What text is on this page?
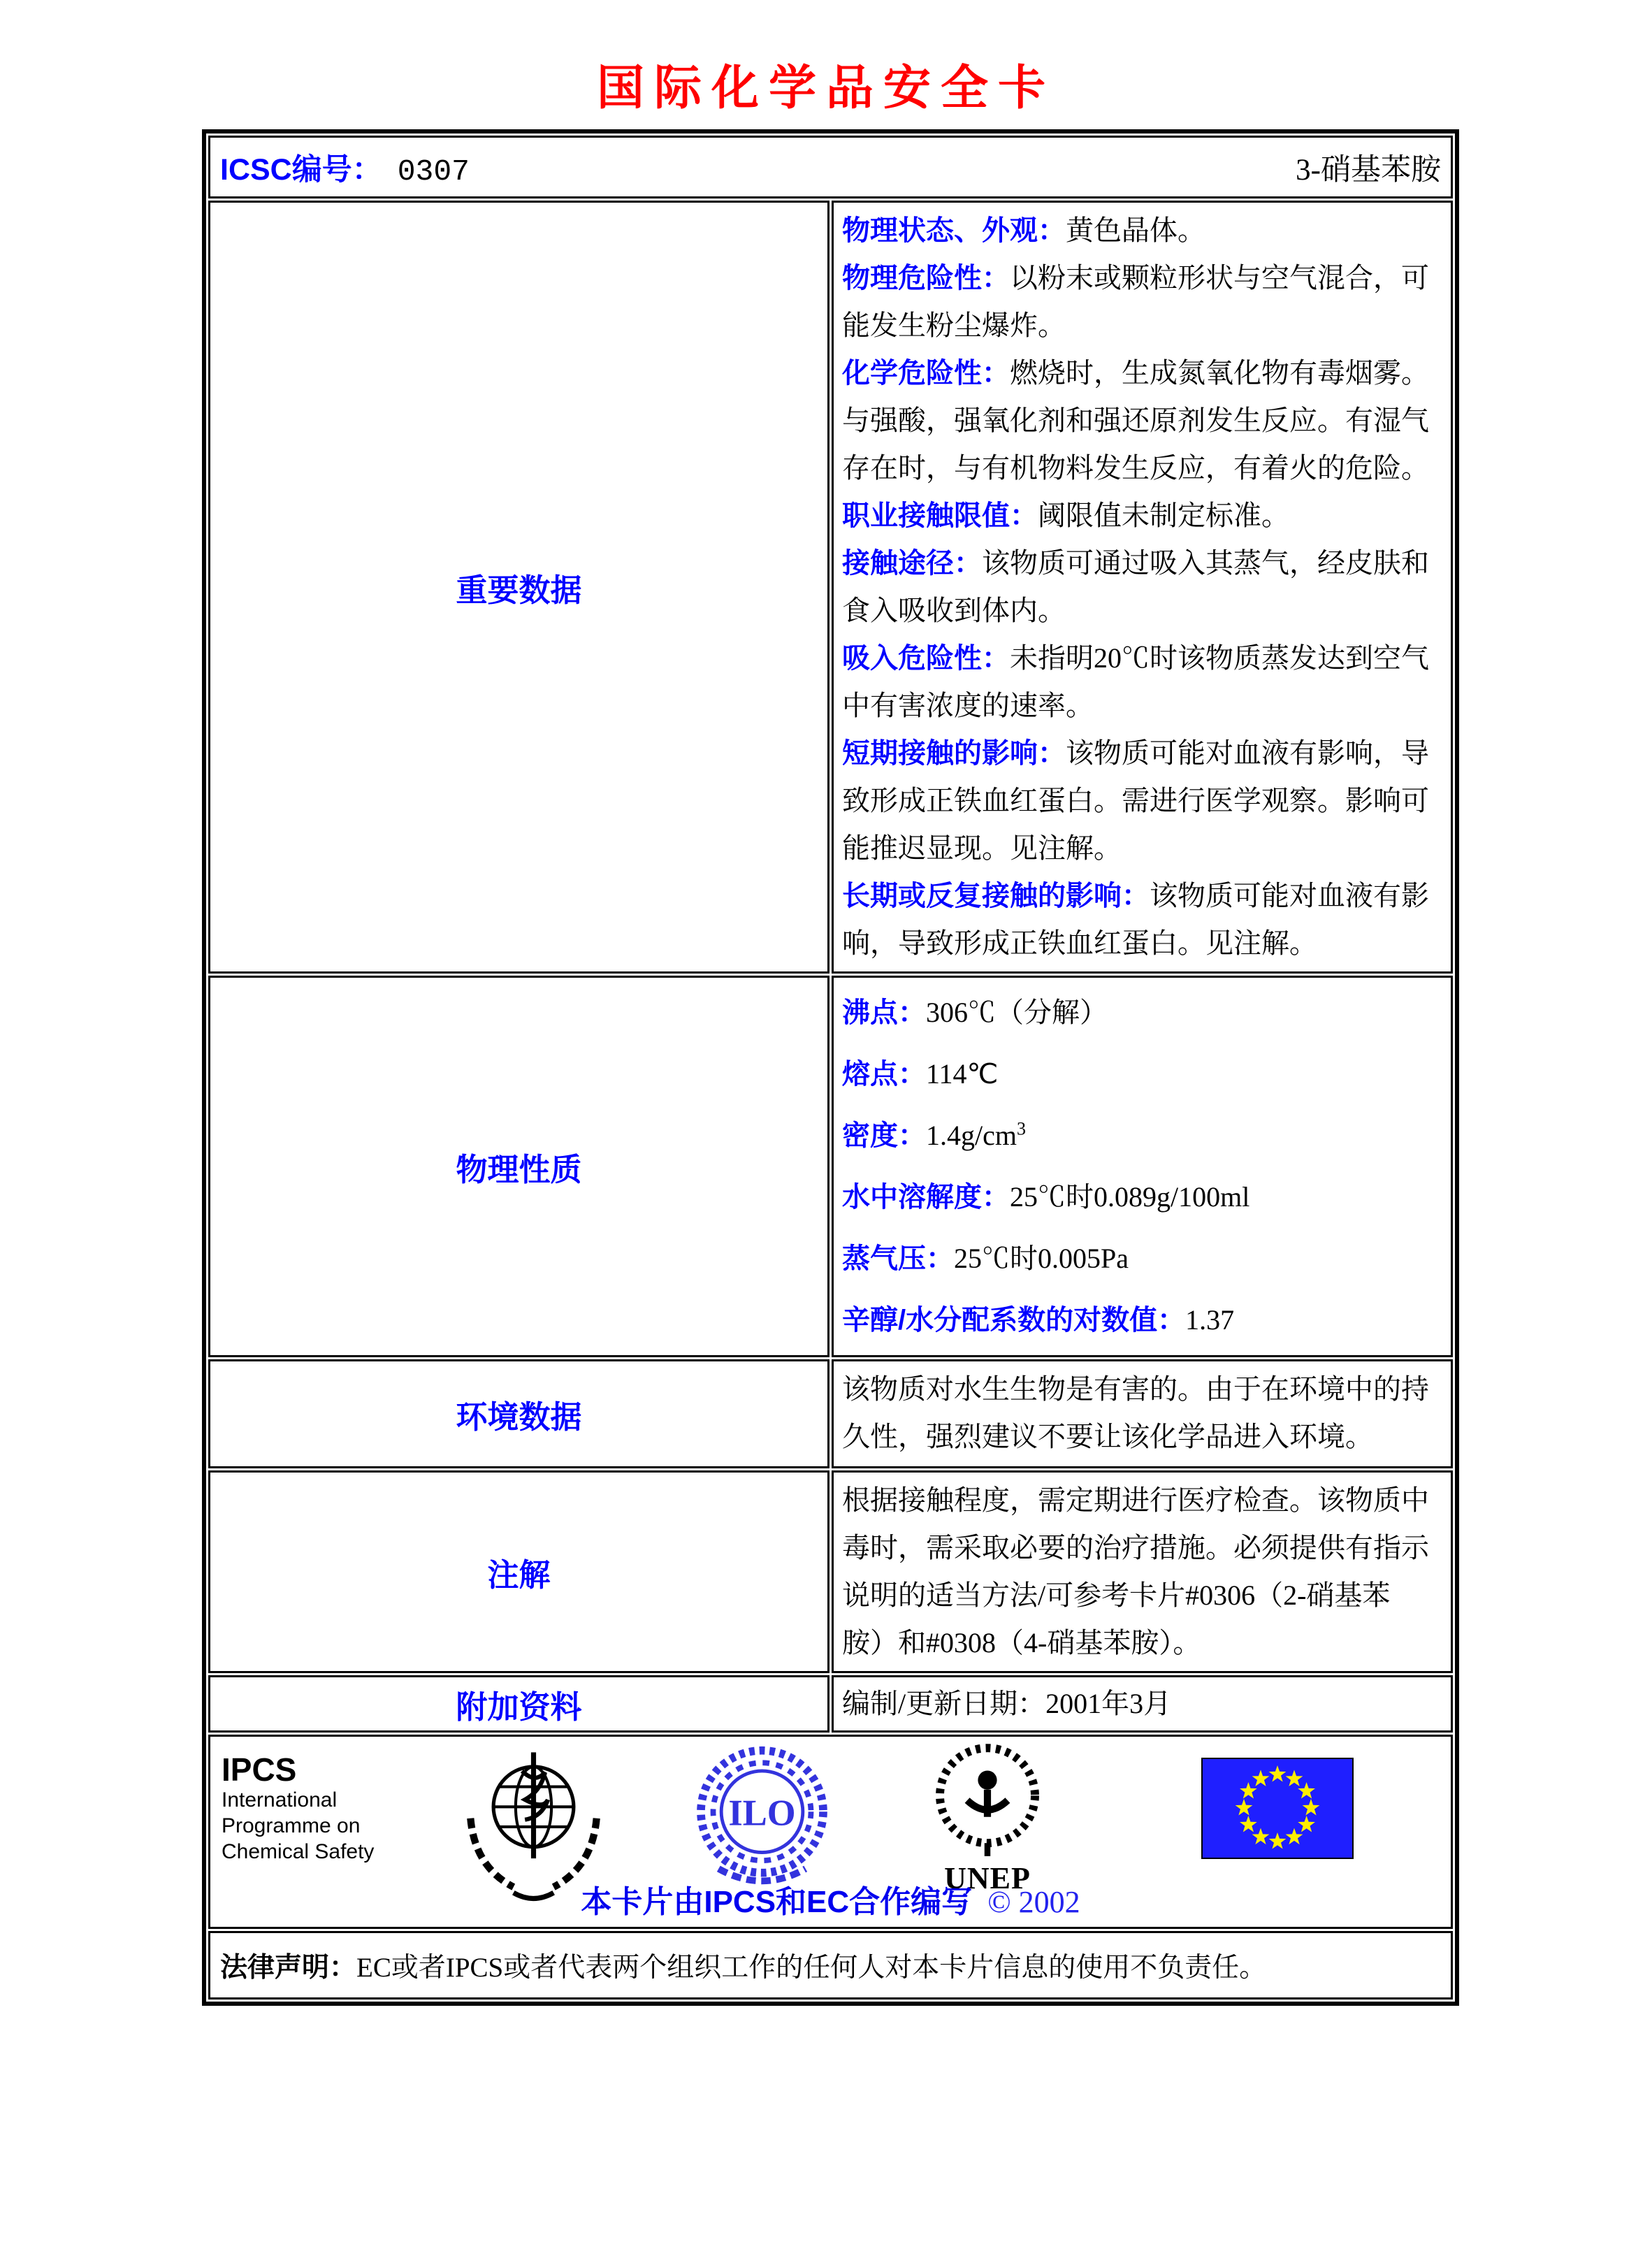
国际化学品安全卡
ICSC编号： 0307 3-硝基苯胺	

重要数据	物理状态、外观：黄色晶体。
物理危险性：以粉末或颗粒形状与空气混合，可能发生粉尘爆炸。
化学危险性：燃烧时，生成氮氧化物有毒烟雾。与强酸，强氧化剂和强还原剂发生反应。有湿气存在时，与有机物料发生反应，有着火的危险。
职业接触限值：阈限值未制定标准。
接触途径：该物质可通过吸入其蒸气，经皮肤和食入吸收到体内。
吸入危险性：未指明20℃时该物质蒸发达到空气中有害浓度的速率。
短期接触的影响：该物质可能对血液有影响，导致形成正铁血红蛋白。需进行医学观察。影响可能推迟显现。见注解。
长期或反复接触的影响：该物质可能对血液有影响，导致形成正铁血红蛋白。见注解。
物理性质	沸点：306℃（分解）
熔点：114℃
密度：$1.4g/cm^3$
水中溶解度：25℃时0.089g/100ml
蒸气压：25℃时0.005Pa
辛醇/水分配系数的对数值：1.37
环境数据	该物质对水生生物是有害的。由于在环境中的持久性，强烈建议不要让该化学品进入环境。
注解	根据接触程度，需定期进行医疗检查。该物质中毒时，需采取必要的治疗措施。必须提供有指示说明的适当方法/可参考卡片#0306（2-硝基苯胺）和#0308（4-硝基苯胺）。
附加资料	编制/更新日期：2001年3月

IPCS
International
Programme on
Chemical Safety
ILO
UNEP
本卡片由IPCS和EC合作编写 © 2002

法律声明：EC或者IPCS或者代表两个组织工作的任何人对本卡片信息的使用不负责任。	
